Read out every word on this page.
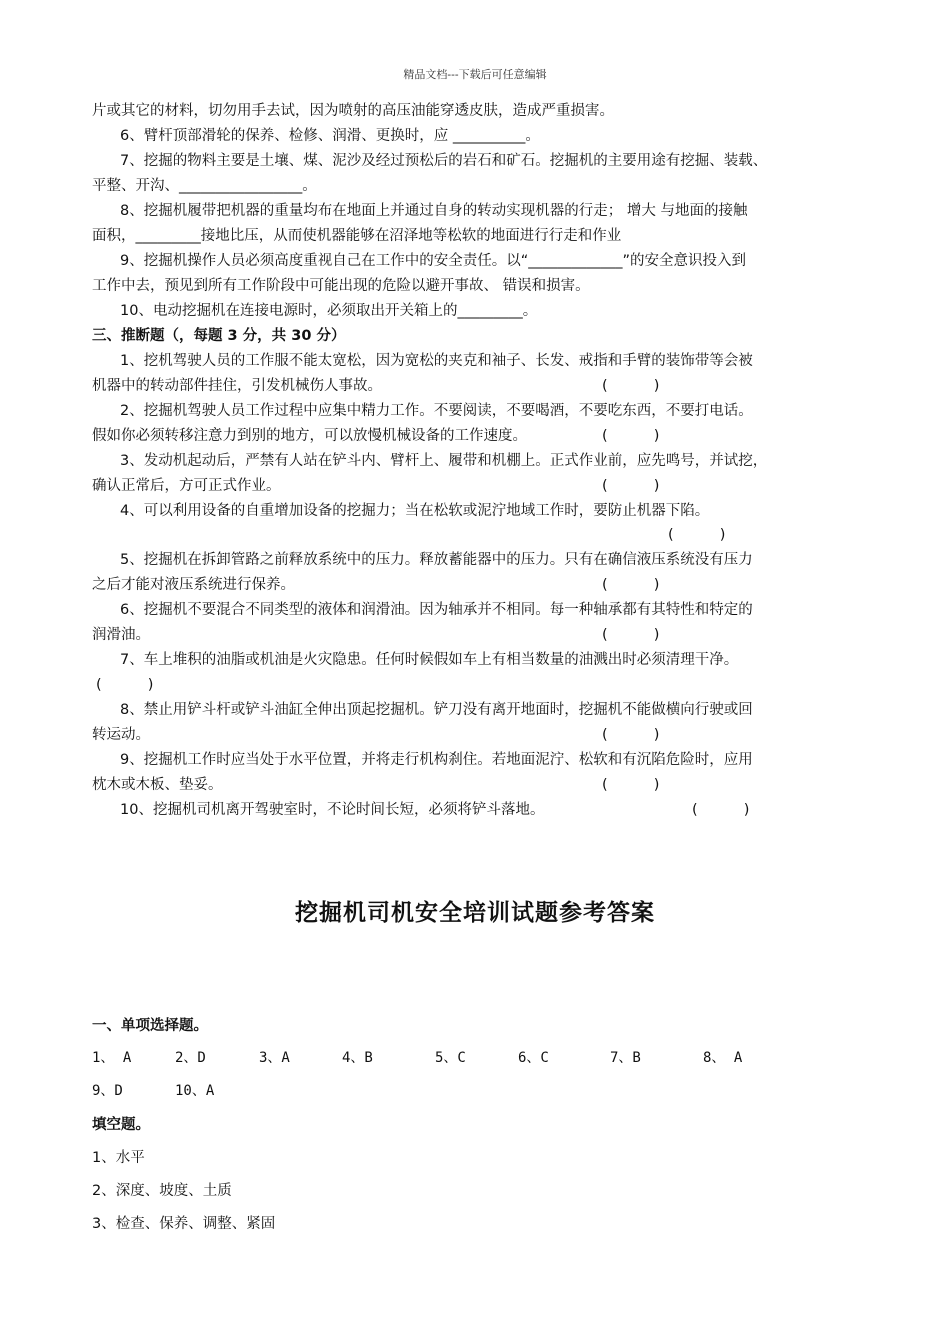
精品文档---下载后可任意编辑
片或其它的材料，切勿用手去试，因为喷射的高压油能穿透皮肤，造成严重损害。
6、臂杆顶部滑轮的保养、检修、润滑、更换时，应 __________。
7、挖掘的物料主要是土壤、煤、泥沙及经过预松后的岩石和矿石。挖掘机的主要用途有挖掘、装载、
平整、开沟、_________________。
8、挖掘机履带把机器的重量均布在地面上并通过自身的转动实现机器的行走； 增大 与地面的接触
面积，_________接地比压，从而使机器能够在沼泽地等松软的地面进行行走和作业
9、挖掘机操作人员必须高度重视自己在工作中的安全责任。以“_____________”的安全意识投入到
工作中去，预见到所有工作阶段中可能出现的危险以避开事故、 错误和损害。
10、电动挖掘机在连接电源时，必须取出开关箱上的_________。
三、推断题（，每题 3 分，共 30 分）
1、挖机驾驶人员的工作服不能太宽松，因为宽松的夹克和袖子、长发、戒指和手臂的装饰带等会被
机器中的转动部件挂住，引发机械伤人事故。	(          )
2、挖掘机驾驶人员工作过程中应集中精力工作。不要阅读，不要喝酒，不要吃东西，不要打电话。
假如你必须转移注意力到别的地方，可以放慢机械设备的工作速度。	(          )
3、发动机起动后，严禁有人站在铲斗内、臂杆上、履带和机棚上。正式作业前，应先鸣号，并试挖，
确认正常后，方可正式作业。	(          )
4、可以利用设备的自重增加设备的挖掘力；当在松软或泥泞地域工作时，要防止机器下陷。
(          )
5、挖掘机在拆卸管路之前释放系统中的压力。释放蓄能器中的压力。只有在确信液压系统没有压力
之后才能对液压系统进行保养。	(          )
6、挖掘机不要混合不同类型的液体和润滑油。因为轴承并不相同。每一种轴承都有其特性和特定的
润滑油。	(          )
7、车上堆积的油脂或机油是火灾隐患。任何时候假如车上有相当数量的油溅出时必须清理干净。
(          )
8、禁止用铲斗杆或铲斗油缸全伸出顶起挖掘机。铲刀没有离开地面时，挖掘机不能做横向行驶或回
转运动。	(          )
9、挖掘机工作时应当处于水平位置，并将走行机构刹住。若地面泥泞、松软和有沉陷危险时，应用
枕木或木板、垫妥。	(          )
10、挖掘机司机离开驾驶室时，不论时间长短，必须将铲斗落地。	(          )
挖掘机司机安全培训试题参考答案
一、单项选择题。
1、 A	2、D	3、A	4、B	5、C	6、C	7、B	8、 A
9、D	10、A
填空题。
1、水平
2、深度、坡度、土质
3、检查、保养、调整、紧固
